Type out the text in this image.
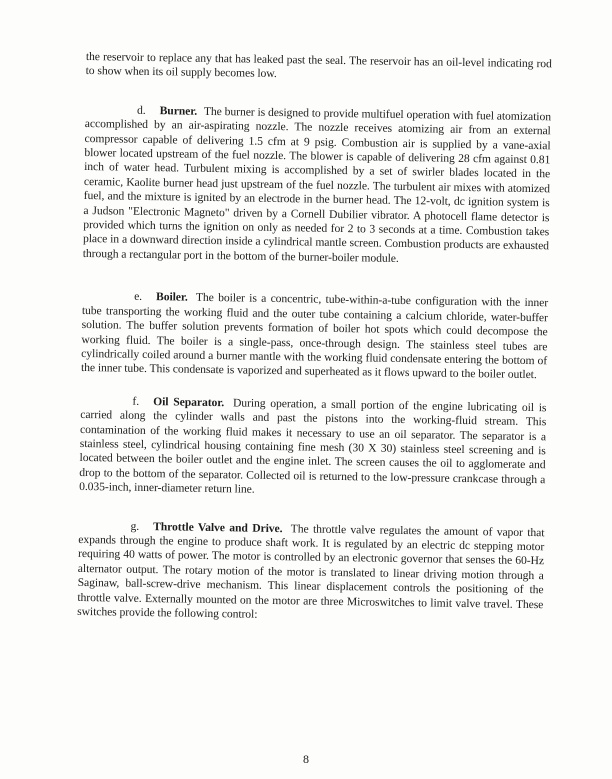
the reservoir to replace any that has leaked past the seal. The reservoir has an oil-level indicating rod to show when its oil supply becomes low.

d. Burner. The burner is designed to provide multifuel operation with fuel atomization accomplished by an air-aspirating nozzle. The nozzle receives atomizing air from an external compressor capable of delivering 1.5 cfm at 9 psig. Combustion air is supplied by a vane-axial blower located upstream of the fuel nozzle. The blower is capable of delivering 28 cfm against 0.81 inch of water head. Turbulent mixing is accomplished by a set of swirler blades located in the ceramic, Kaolite burner head just upstream of the fuel nozzle. The turbulent air mixes with atomized fuel, and the mixture is ignited by an electrode in the burner head. The 12-volt, dc ignition system is a Judson "Electronic Magneto" driven by a Cornell Dubilier vibrator. A photocell flame detector is provided which turns the ignition on only as needed for 2 to 3 seconds at a time. Combustion takes place in a downward direction inside a cylindrical mantle screen. Combustion products are exhausted through a rectangular port in the bottom of the burner-boiler module.

e. Boiler. The boiler is a concentric, tube-within-a-tube configuration with the inner tube transporting the working fluid and the outer tube containing a calcium chloride, water-buffer solution. The buffer solution prevents formation of boiler hot spots which could decompose the working fluid. The boiler is a single-pass, once-through design. The stainless steel tubes are cylindrically coiled around a burner mantle with the working fluid condensate entering the bottom of the inner tube. This condensate is vaporized and superheated as it flows upward to the boiler outlet.

f. Oil Separator. During operation, a small portion of the engine lubricating oil is carried along the cylinder walls and past the pistons into the working-fluid stream. This contamination of the working fluid makes it necessary to use an oil separator. The separator is a stainless steel, cylindrical housing containing fine mesh (30 X 30) stainless steel screening and is located between the boiler outlet and the engine inlet. The screen causes the oil to agglomerate and drop to the bottom of the separator. Collected oil is returned to the low-pressure crankcase through a 0.035-inch, inner-diameter return line.

g. Throttle Valve and Drive. The throttle valve regulates the amount of vapor that expands through the engine to produce shaft work. It is regulated by an electric dc stepping motor requiring 40 watts of power. The motor is controlled by an electronic governor that senses the 60-Hz alternator output. The rotary motion of the motor is translated to linear driving motion through a Saginaw, ball-screw-drive mechanism. This linear displacement controls the positioning of the throttle valve. Externally mounted on the motor are three Microswitches to limit valve travel. These switches provide the following control:

8
